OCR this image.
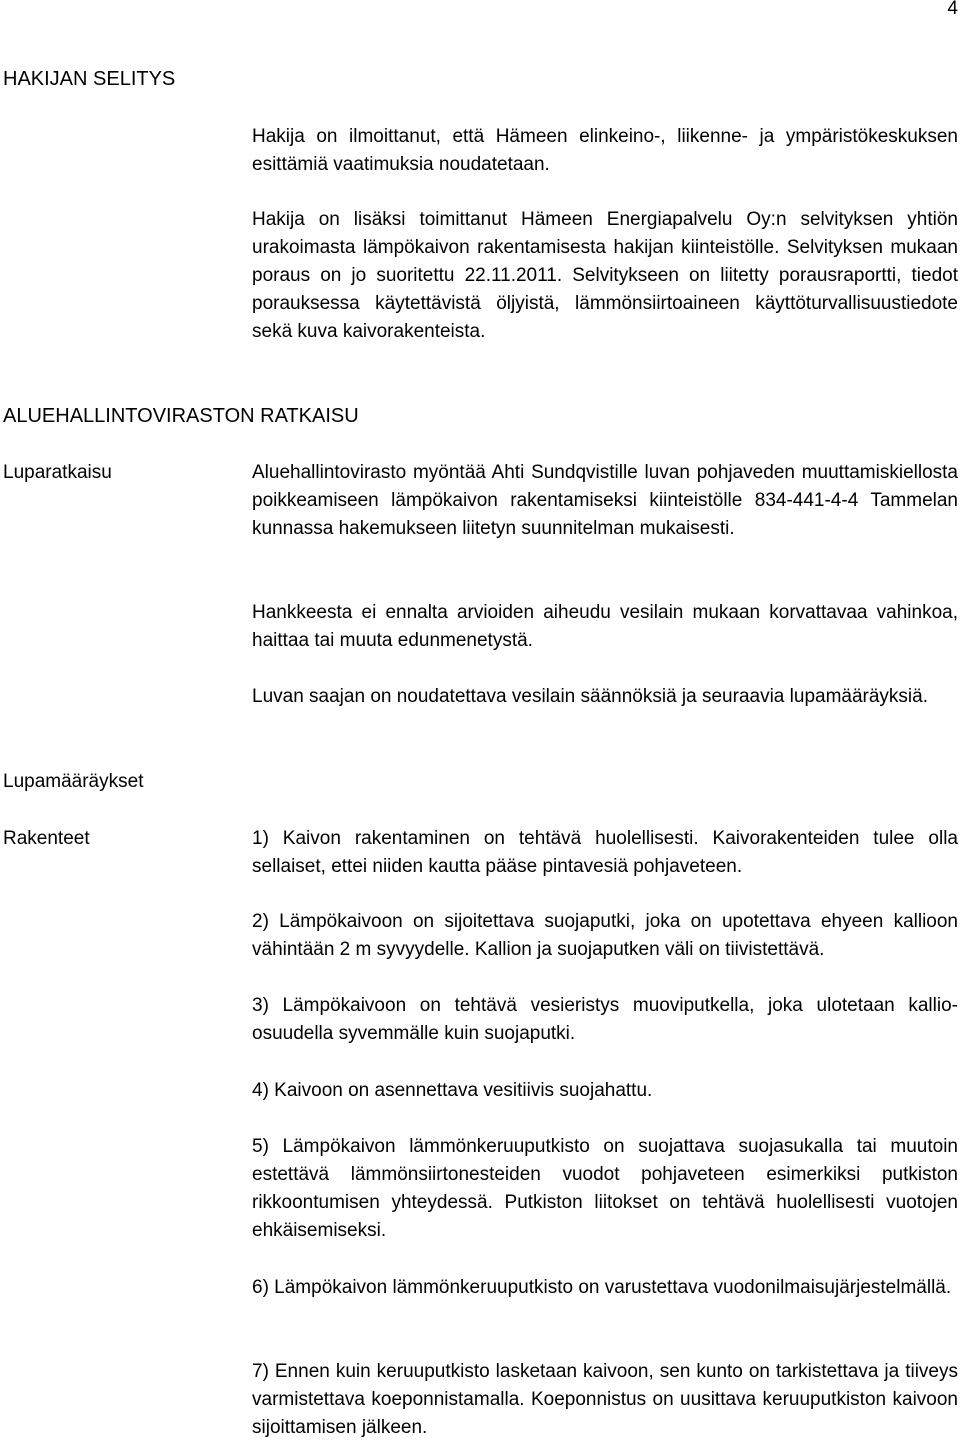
4
HAKIJAN SELITYS
Hakija on ilmoittanut, että Hämeen elinkeino-, liikenne- ja ympäristökeskuksen esittämiä vaatimuksia noudatetaan.
Hakija on lisäksi toimittanut Hämeen Energiapalvelu Oy:n selvityksen yhtiön urakoimasta lämpökaivon rakentamisesta hakijan kiinteistölle. Selvityksen mukaan poraus on jo suoritettu 22.11.2011. Selvitykseen on liitetty porausraportti, tiedot porauksessa käytettävistä öljyistä, lämmönsiirtoaineen käyttöturvallisuustiedote sekä kuva kaivorakenteista.
ALUEHALLINTOVIRASTON RATKAISU
Luparatkaisu	Aluehallintovirasto myöntää Ahti Sundqvistille luvan pohjaveden muuttamiskiellosta poikkeamiseen lämpökaivon rakentamiseksi kiinteistölle 834-441-4-4 Tammelan kunnassa hakemukseen liitetyn suunnitelman mukaisesti.
Hankkeesta ei ennalta arvioiden aiheudu vesilain mukaan korvattavaa vahinkoa, haittaa tai muuta edunmenetystä.
Luvan saajan on noudatettava vesilain säännöksiä ja seuraavia lupamääräyksiä.
Lupamääräykset
Rakenteet	1) Kaivon rakentaminen on tehtävä huolellisesti. Kaivorakenteiden tulee olla sellaiset, ettei niiden kautta pääse pintavesiä pohjaveteen.
2) Lämpökaivoon on sijoitettava suojaputki, joka on upotettava ehyeen kallioon vähintään 2 m syvyydelle. Kallion ja suojaputken väli on tiivistettävä.
3) Lämpökaivoon on tehtävä vesieristys muoviputkella, joka ulotetaan kallio-osuudella syvemmälle kuin suojaputki.
4) Kaivoon on asennettava vesitiivis suojahattu.
5) Lämpökaivon lämmönkeruuputkisto on suojattava suojasukalla tai muutoin estettävä lämmönsiirtonesteiden vuodot pohjaveteen esimerkiksi putkiston rikkoontumisen yhteydessä. Putkiston liitokset on tehtävä huolellisesti vuotojen ehkäisemiseksi.
6) Lämpökaivon lämmönkeruuputkisto on varustettava vuodonilmaisujärjestelmällä.
7) Ennen kuin keruuputkisto lasketaan kaivoon, sen kunto on tarkistettava ja tiiveys varmistettava koeponnistamalla. Koeponnistus on uusittava keruuputkiston kaivoon sijoittamisen jälkeen.
